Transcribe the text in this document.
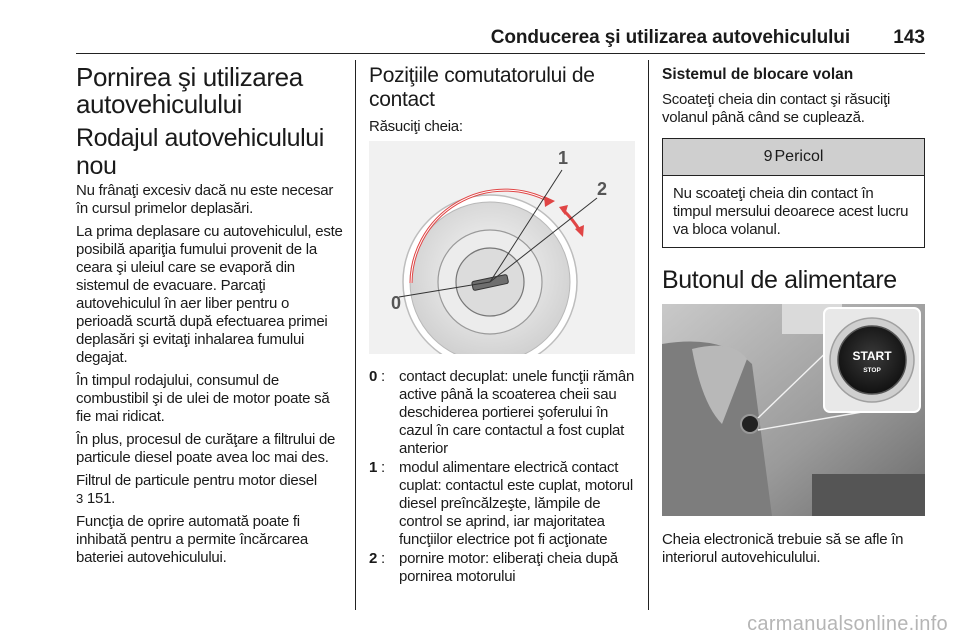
Conducerea şi utilizarea autovehiculului 143
Pornirea şi utilizarea autovehiculului
Rodajul autovehiculului nou

Nu frânaţi excesiv dacă nu este necesar în cursul primelor deplasări.

La prima deplasare cu autovehiculul, este posibilă apariţia fumului provenit de la ceara şi uleiul care se evaporă din sistemul de evacuare. Parcaţi autovehiculul în aer liber pentru o perioadă scurtă după efectuarea primei deplasări şi evitaţi inhalarea fumului degajat.

În timpul rodajului, consumul de combustibil şi de ulei de motor poate să fie mai ridicat.

În plus, procesul de curăţare a filtrului de particule diesel poate avea loc mai des.

Filtrul de particule pentru motor diesel
3 151.

Funcţia de oprire automată poate fi inhibată pentru a permite încărcarea bateriei autovehiculului.

Poziţiile comutatorului de contact

Răsuciţi cheia:

0
1
2
0 : contact decuplat: unele funcţii rămân active până la scoaterea cheii sau deschiderea portierei şoferului în cazul în care contactul a fost cuplat anterior
1 : modul alimentare electrică contact cuplat: contactul este cuplat, motorul diesel preîncălzeşte, lămpile de control se aprind, iar majoritatea funcţiilor electrice pot fi acţionate
2 : pornire motor: eliberaţi cheia după pornirea motorului
Sistemul de blocare volan

Scoateţi cheia din contact şi răsuciţi volanul până când se cuplează.

9 Pericol

Nu scoateţi cheia din contact în timpul mersului deoarece acest lucru va bloca volanul.

Butonul de alimentare
START
STOP

Cheia electronică trebuie să se afle în interiorul autovehiculului.

carmanualsonline.info
